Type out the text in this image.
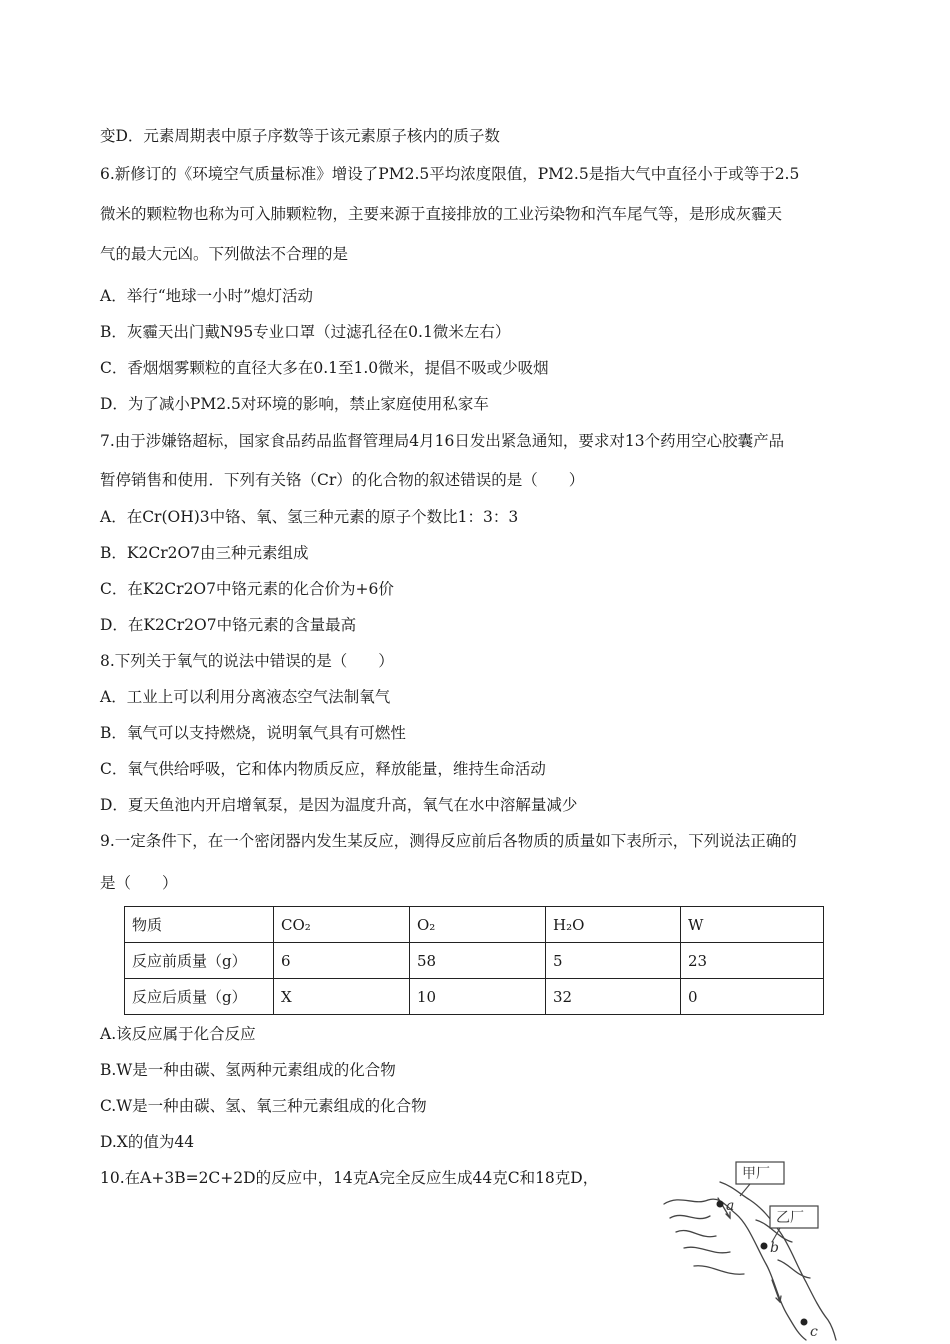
变D．元素周期表中原子序数等于该元素原子核内的质子数
6.新修订的《环境空气质量标准》增设了PM2.5平均浓度限值，PM2.5是指大气中直径小于或等于2.5
微米的颗粒物也称为可入肺颗粒物，主要来源于直接排放的工业污染物和汽车尾气等，是形成灰霾天
气的最大元凶。下列做法不合理的是
A．举行“地球一小时”熄灯活动
B．灰霾天出门戴N95专业口罩（过滤孔径在0.1微米左右）
C．香烟烟雾颗粒的直径大多在0.1至1.0微米，提倡不吸或少吸烟
D．为了减小PM2.5对环境的影响，禁止家庭使用私家车
7.由于涉嫌铬超标，国家食品药品监督管理局4月16日发出紧急通知，要求对13个药用空心胶囊产品
暂停销售和使用．下列有关铬（Cr）的化合物的叙述错误的是（　　）
A．在Cr(OH)3中铬、氧、氢三种元素的原子个数比1：3：3
B．K2Cr2O7由三种元素组成
C．在K2Cr2O7中铬元素的化合价为+6价
D．在K2Cr2O7中铬元素的含量最高
8.下列关于氧气的说法中错误的是（　　）
A．工业上可以利用分离液态空气法制氧气
B．氧气可以支持燃烧，说明氧气具有可燃性
C．氧气供给呼吸，它和体内物质反应，释放能量，维持生命活动
D．夏天鱼池内开启增氧泵，是因为温度升高，氧气在水中溶解量减少
9.一定条件下，在一个密闭器内发生某反应，测得反应前后各物质的质量如下表所示，下列说法正确的
是（　　）
物质	CO₂	O₂	H₂O	W
反应前质量（g）	6	58	5	23
反应后质量（g）	X	10	32	0
A.该反应属于化合反应
B.W是一种由碳、氢两种元素组成的化合物
C.W是一种由碳、氢、氧三种元素组成的化合物
D.X的值为44
10.在A+3B=2C+2D的反应中，14克A完全反应生成44克C和18克D，	甲厂
乙厂
a
b
c
